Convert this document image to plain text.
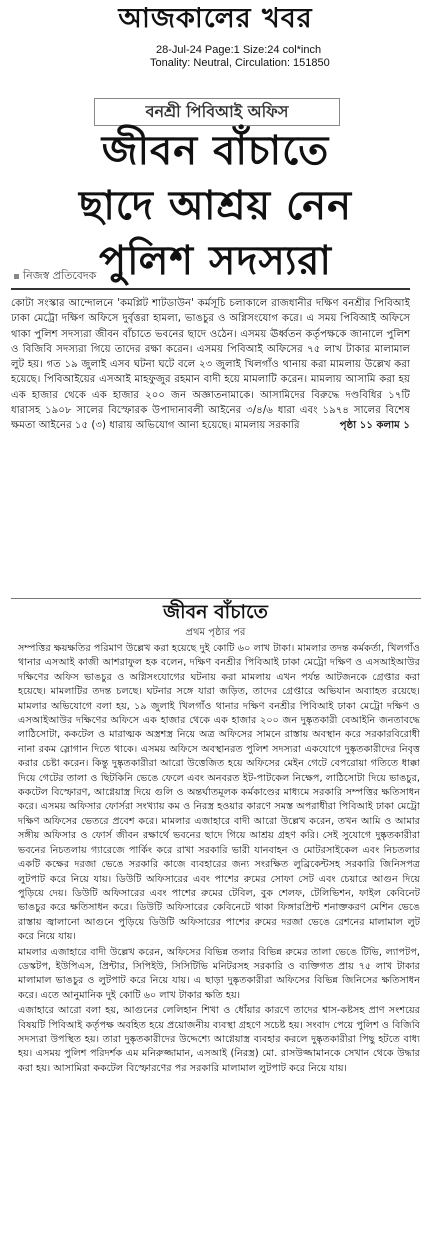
আজকালের খবর
28-Jul-24 Page:1 Size:24 col*inch
Tonality: Neutral, Circulation: 151850
বনশ্রী পিবিআই অফিস
জীবন বাঁচাতে
ছাদে আশ্রয় নেন
পুলিশ সদস্যরা
নিজস্ব প্রতিবেদক
কোটা সংস্কার আন্দোলনে 'কমপ্লিট শাটডাউন' কর্মসূচি চলাকালে রাজধানীর দক্ষিণ বনশ্রীর পিবিআই ঢাকা মেট্রো দক্ষিণ অফিসে দুর্বৃত্তরা হামলা, ভাঙচুর ও অগ্নিসংযোগ করে। এ সময় পিবিআই অফিসে থাকা পুলিশ সদস্যরা জীবন বাঁচাতে ভবনের ছাদে ওঠেন। এসময় ঊর্ধ্বতন কর্তৃপক্ষকে জানালে পুলিশ ও বিজিবি সদস্যরা গিয়ে তাদের রক্ষা করেন। এসময় পিবিআই অফিসের ৭৫ লাখ টাকার মালামাল লুট হয়। গত ১৯ জুলাই এসব ঘটনা ঘটে বলে ২৩ জুলাই খিলগাঁও থানায় করা মামলায় উল্লেখ করা হয়েছে। পিবিআইয়ের এসআই মাহফুজুর রহমান বাদী হয়ে মামলাটি করেন। মামলায় আসামি করা হয় এক হাজার থেকে এক হাজার ২০০ জন অজ্ঞাতনামাকে। আসামিদের বিরুদ্ধে দণ্ডবিধির ১৭টি ধারাসহ ১৯০৮ সালের বিস্ফোরক উপাদানাবলী আইনের ৩/৪/৬ ধারা এবং ১৯৭৪ সালের বিশেষ ক্ষমতা আইনের ১৫ (৩) ধারায় অভিযোগ আনা হয়েছে। মামলায় সরকারি	পৃষ্ঠা ১১ কলাম ১
জীবন বাঁচাতে
প্রথম পৃষ্ঠার পর

সম্পত্তির ক্ষয়ক্ষতির পরিমাণ উল্লেখ করা হয়েছে দুই কোটি ৬০ লাখ টাকা। মামলার তদন্ত কর্মকর্তা, খিলগাঁও থানার এসআই কাজী আশরাফুল হক বলেন, দক্ষিণ বনশ্রীর পিবিআই ঢাকা মেট্রো দক্ষিণ ও এসআইআউর দক্ষিণের অফিস ভাঙচুর ও অগ্নিসংযোগের ঘটনায় করা মামলায় এখন পর্যন্ত আটজনকে গ্রেপ্তার করা হয়েছে। মামলাটির তদন্ত চলছে। ঘটনার সঙ্গে যারা জড়িত, তাদের গ্রেপ্তারে অভিযান অব্যাহত রয়েছে। মামলার অভিযোগে বলা হয়, ১৯ জুলাই খিলগাঁও থানার দক্ষিণ বনশ্রীর পিবিআই ঢাকা মেট্রো দক্ষিণ ও এসআইআউর দক্ষিণের অফিসে এক হাজার থেকে এক হাজার ২০০ জন দুষ্কৃতকারী বেআইনি জনতাবদ্ধে লাঠিসোটা, ককটেল ও মারাত্মক অস্ত্রশস্ত্র নিয়ে অত্র অফিসের সামনে রাস্তায় অবস্থান করে সরকারবিরোধী নানা রকম স্লোগান দিতে থাকে। এসময় অফিসে অবস্থানরত পুলিশ সদস্যরা একযোগে দুষ্কৃতকারীদের নিবৃত্ত করার চেষ্টা করেন। কিন্তু দুষ্কৃতকারীরা আরো উত্তেজিত হয়ে অফিসের মেইন গেটে বেপরোয়া গতিতে ধাক্কা দিয়ে গেটের তালা ও ছিটকিনি ভেঙে ফেলে এবং অনবরত ইট-পাটকেল নিক্ষেপ, লাঠিসোটা দিয়ে ভাঙচুর, ককটেল বিস্ফোরণ, আগ্নেয়াস্ত্র দিয়ে গুলি ও অন্তর্ঘাতমূলক কর্মকাণ্ডের মাধ্যমে সরকারি সম্পত্তির ক্ষতিসাধন করে। এসময় অফিসার ফোর্সরা সংখ্যায় কম ও নিরস্ত্র হওয়ার কারণে সমস্ত অপরাধীরা পিবিআই ঢাকা মেট্রো দক্ষিণ অফিসের ভেতরে প্রবেশ করে। মামলার এজাহারে বাদী আরো উল্লেখ করেন, তখন আমি ও আমার সঙ্গীয় অফিসার ও ফোর্স জীবন রক্ষার্থে ভবনের ছাদে গিয়ে আশ্রয় গ্রহণ করি। সেই সুযোগে দুষ্কৃতকারীরা ভবনের নিচতলায় গ্যারেজে পার্কিং করে রাখা সরকারি ভারী যানবাহন ও মোটরসাইকেল এবং নিচতলার একটি কক্ষের দরজা ভেঙে সরকারি কাজে ব্যবহারের জন্য সংরক্ষিত লুব্রিকেন্টসহ সরকারি জিনিসপত্র লুটপাট করে নিয়ে যায়। ডিউটি অফিসারের এবং পাশের রুমের সোফা সেট এবং চেয়ারে আগুন দিয়ে পুড়িয়ে দেয়। ডিউটি অফিসারের এবং পাশের রুমের টেবিল, বুক শেলফ, টেলিভিশন, ফাইল কেবিনেট ভাঙচুর করে ক্ষতিসাধন করে। ডিউটি অফিসারের কেবিনেটে থাকা ফিঙ্গারপ্রিন্ট শনাক্তকরণ মেশিন ভেঙে রাস্তায় জ্বালানো আগুনে পুড়িয়ে ডিউটি অফিসারের পাশের রুমের দরজা ভেঙে রেশনের মালামাল লুট করে নিয়ে যায়।

মামলার এজাহারে বাদী উল্লেখ করেন, অফিসের বিভিন্ন তলার বিভিন্ন রুমের তালা ভেঙে টিভি, ল্যাপটপ, ডেস্কটপ, ইউপিএস, প্রিন্টার, সিপিইউ, সিসিটিভি মনিটরসহ সরকারি ও ব্যক্তিগত প্রায় ৭৫ লাখ টাকার মালামাল ভাঙচুর ও লুটপাট করে নিয়ে যায়। এ ছাড়া দুষ্কৃতকারীরা অফিসের বিভিন্ন জিনিসের ক্ষতিসাধন করে। এতে আনুমানিক দুই কোটি ৬০ লাখ টাকার ক্ষতি হয়।

এজাহারে আরো বলা হয়, আগুনের লেলিহান শিখা ও ধোঁয়ার কারণে তাদের শ্বাস-কষ্টসহ প্রাণ সংশয়ের বিষয়টি পিবিআই কর্তৃপক্ষ অবহিত হয়ে প্রয়োজনীয় ব্যবস্থা গ্রহণে সচেষ্ট হয়। সংবাদ পেয়ে পুলিশ ও বিজিবি সদস্যরা উপস্থিত হয়। তারা দুষ্কৃতকারীদের উদ্দেশ্যে আগ্নেয়াস্ত্র ব্যবহার করলে দুষ্কৃতকারীরা পিছু হটতে বাধ্য হয়। এসময় পুলিশ পরিদর্শক এম মনিরুজ্জামান, এসআই (নিরস্ত্র) মো. রাসউজ্জামানকে সেখান থেকে উদ্ধার করা হয়। আসামিরা ককটেল বিস্ফোরণের পর সরকারি মালামাল লুটপাট করে নিয়ে যায়।
